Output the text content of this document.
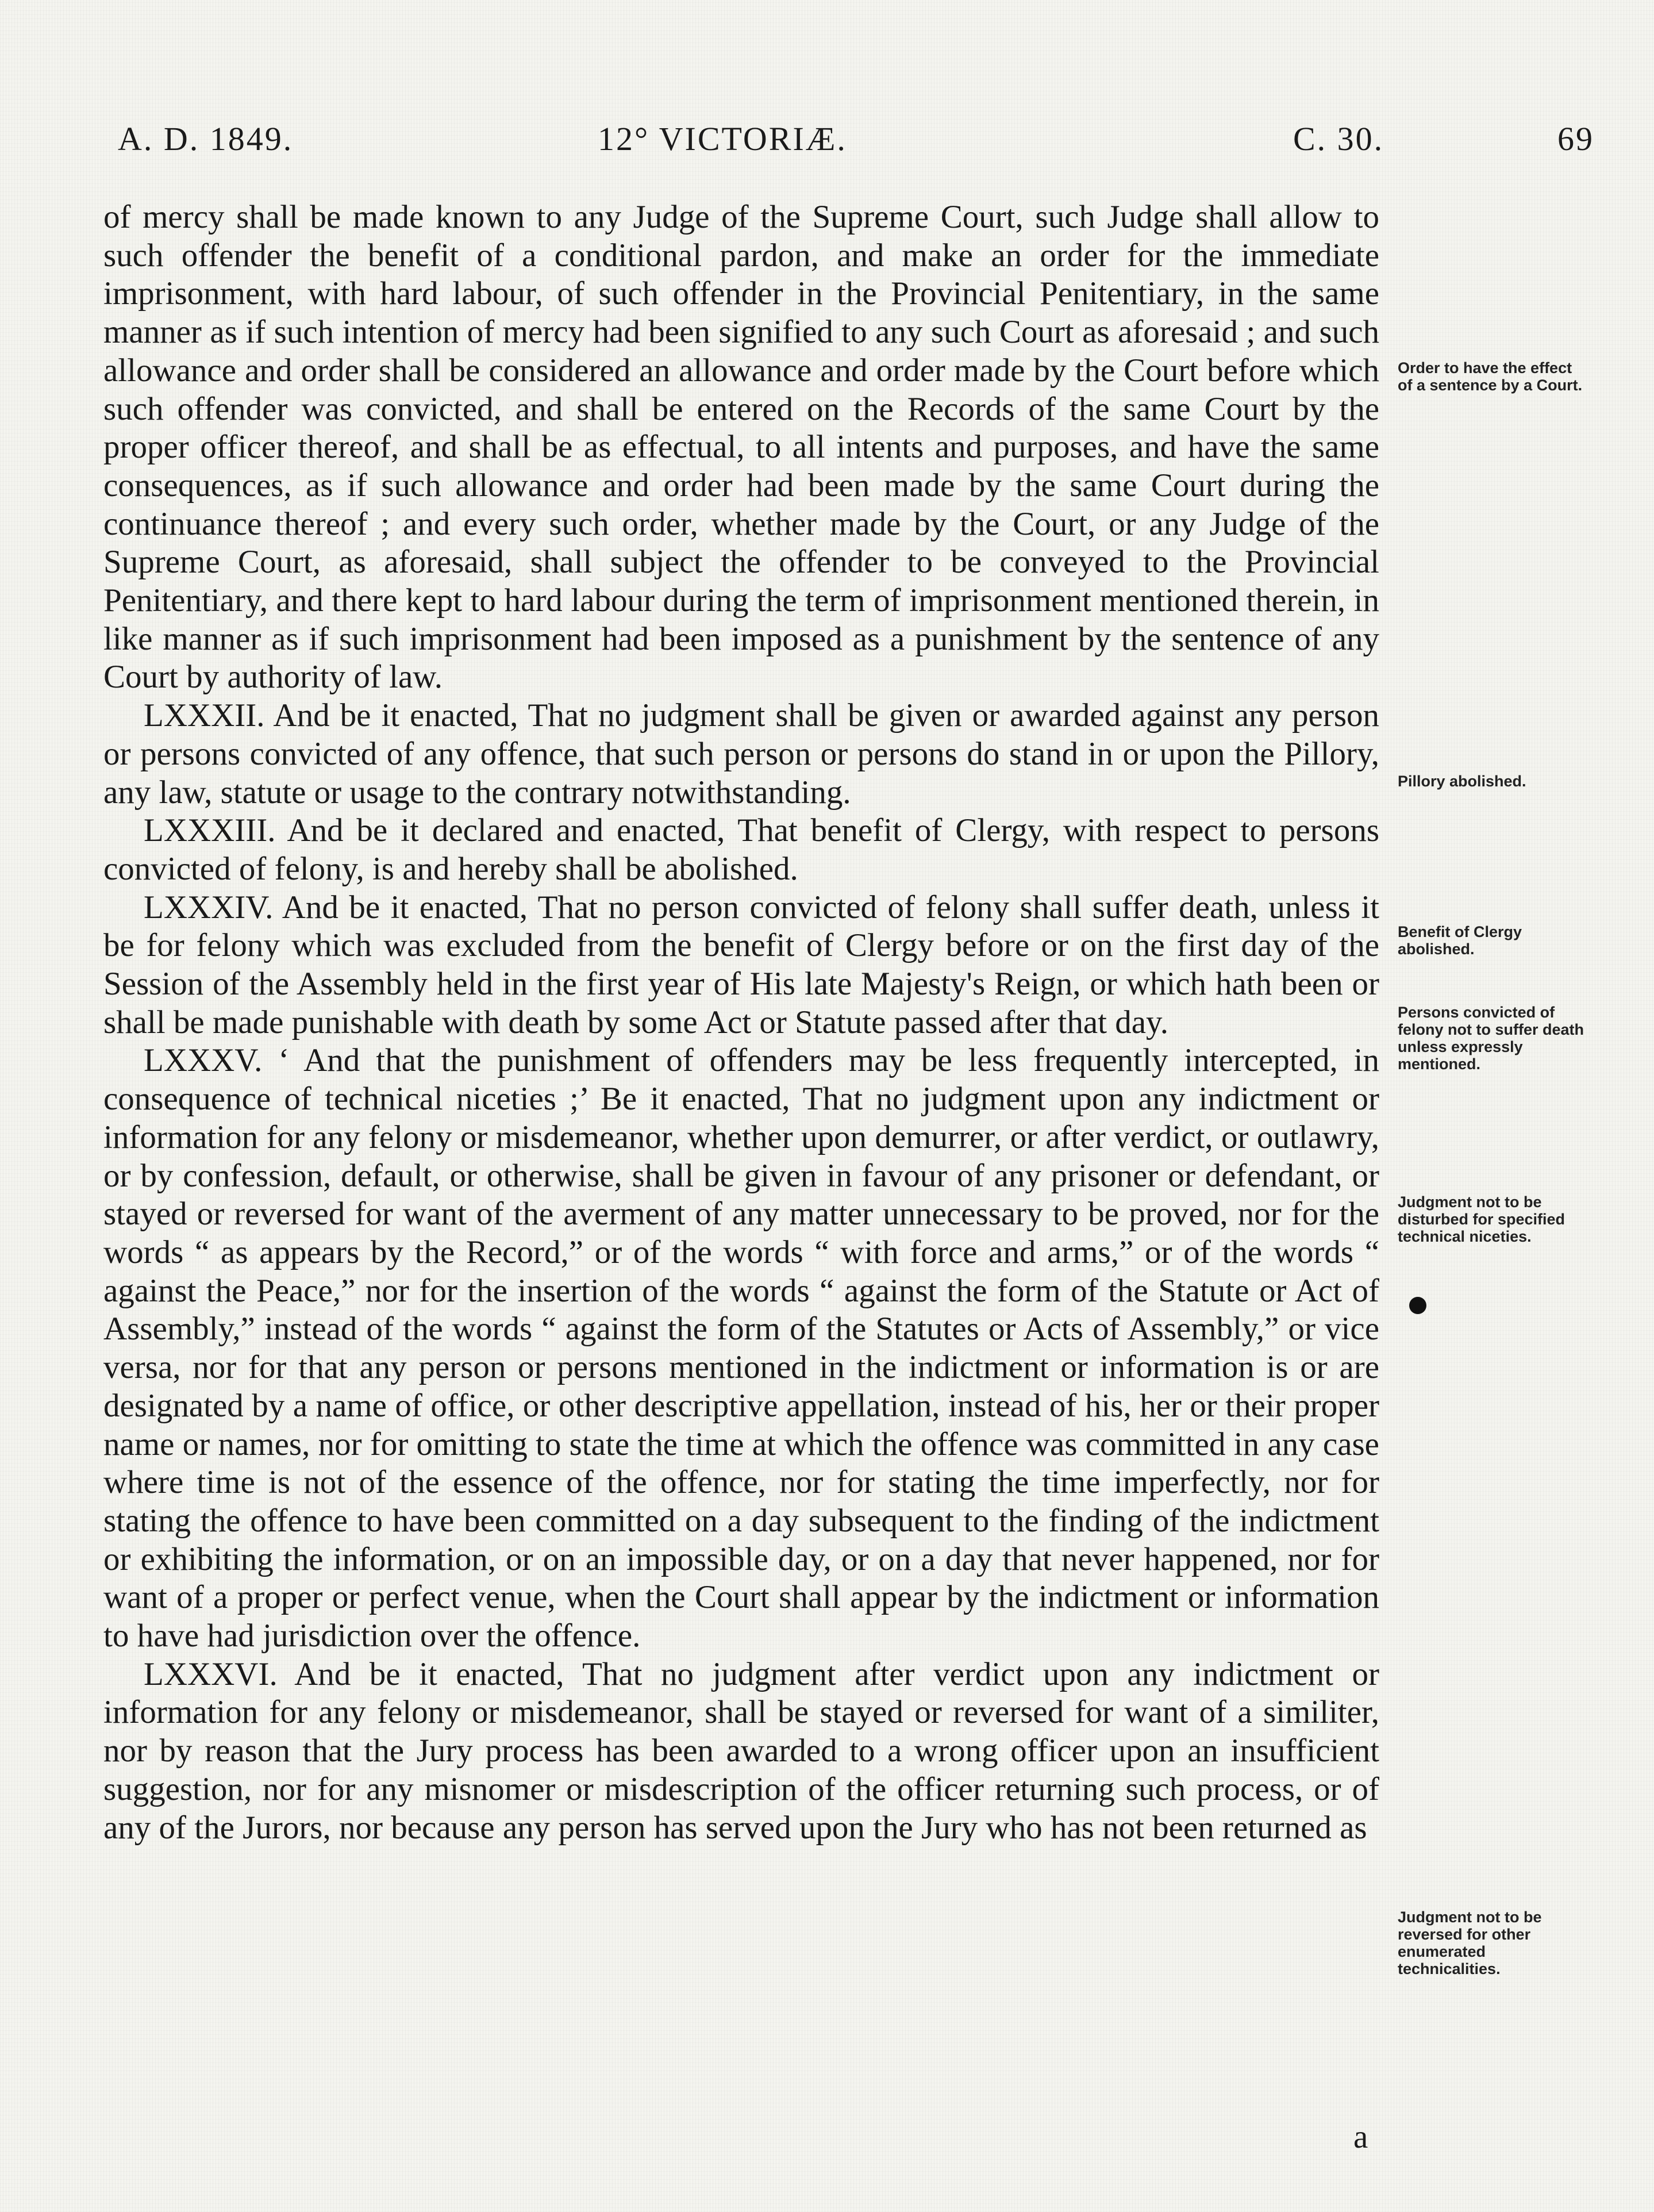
A. D. 1849.	12° VICTORIÆ.	C. 30.	69

of mercy shall be made known to any Judge of the Supreme Court, such Judge shall allow to such offender the benefit of a conditional pardon, and make an order for the immediate imprisonment, with hard labour, of such offender in the Provincial Penitentiary, in the same manner as if such intention of mercy had been signified to any such Court as aforesaid ; and such allowance and order shall be considered an allowance and order made by the Court before which such offender was convicted, and shall be entered on the Records of the same Court by the proper officer thereof, and shall be as effectual, to all intents and purposes, and have the same consequences, as if such allowance and order had been made by the same Court during the continuance thereof ; and every such order, whether made by the Court, or any Judge of the Supreme Court, as aforesaid, shall subject the offender to be conveyed to the Provincial Penitentiary, and there kept to hard labour during the term of imprisonment mentioned therein, in like manner as if such imprisonment had been imposed as a punishment by the sentence of any Court by authority of law.

LXXXII. And be it enacted, That no judgment shall be given or awarded against any person or persons convicted of any offence, that such person or persons do stand in or upon the Pillory, any law, statute or usage to the contrary notwithstanding.

LXXXIII. And be it declared and enacted, That benefit of Clergy, with respect to persons convicted of felony, is and hereby shall be abolished.

LXXXIV. And be it enacted, That no person convicted of felony shall suffer death, unless it be for felony which was excluded from the benefit of Clergy before or on the first day of the Session of the Assembly held in the first year of His late Majesty's Reign, or which hath been or shall be made punishable with death by some Act or Statute passed after that day.

LXXXV. ‘ And that the punishment of offenders may be less frequently intercepted, in consequence of technical niceties ;’ Be it enacted, That no judgment upon any indictment or information for any felony or misdemeanor, whether upon demurrer, or after verdict, or outlawry, or by confession, default, or otherwise, shall be given in favour of any prisoner or defendant, or stayed or reversed for want of the averment of any matter unnecessary to be proved, nor for the words “ as appears by the Record,” or of the words “ with force and arms,” or of the words “ against the Peace,” nor for the insertion of the words “ against the form of the Statute or Act of Assembly,” instead of the words “ against the form of the Statutes or Acts of Assembly,” or vice versa, nor for that any person or persons mentioned in the indictment or information is or are designated by a name of office, or other descriptive appellation, instead of his, her or their proper name or names, nor for omitting to state the time at which the offence was committed in any case where time is not of the essence of the offence, nor for stating the time imperfectly, nor for stating the offence to have been committed on a day subsequent to the finding of the indictment or exhibiting the information, or on an impossible day, or on a day that never happened, nor for want of a proper or perfect venue, when the Court shall appear by the indictment or information to have had jurisdiction over the offence.

LXXXVI. And be it enacted, That no judgment after verdict upon any indictment or information for any felony or misdemeanor, shall be stayed or reversed for want of a similiter, nor by reason that the Jury process has been awarded to a wrong officer upon an insufficient suggestion, nor for any misnomer or misdescription of the officer returning such process, or of any of the Jurors, nor because any person has served upon the Jury who has not been returned as

a
Order to have the effect of a sentence by a Court.
Pillory abolished.
Benefit of Clergy abolished.
Persons convicted of felony not to suffer death unless expressly mentioned.
Judgment not to be disturbed for specified technical niceties.
Judgment not to be reversed for other enumerated technicalities.
